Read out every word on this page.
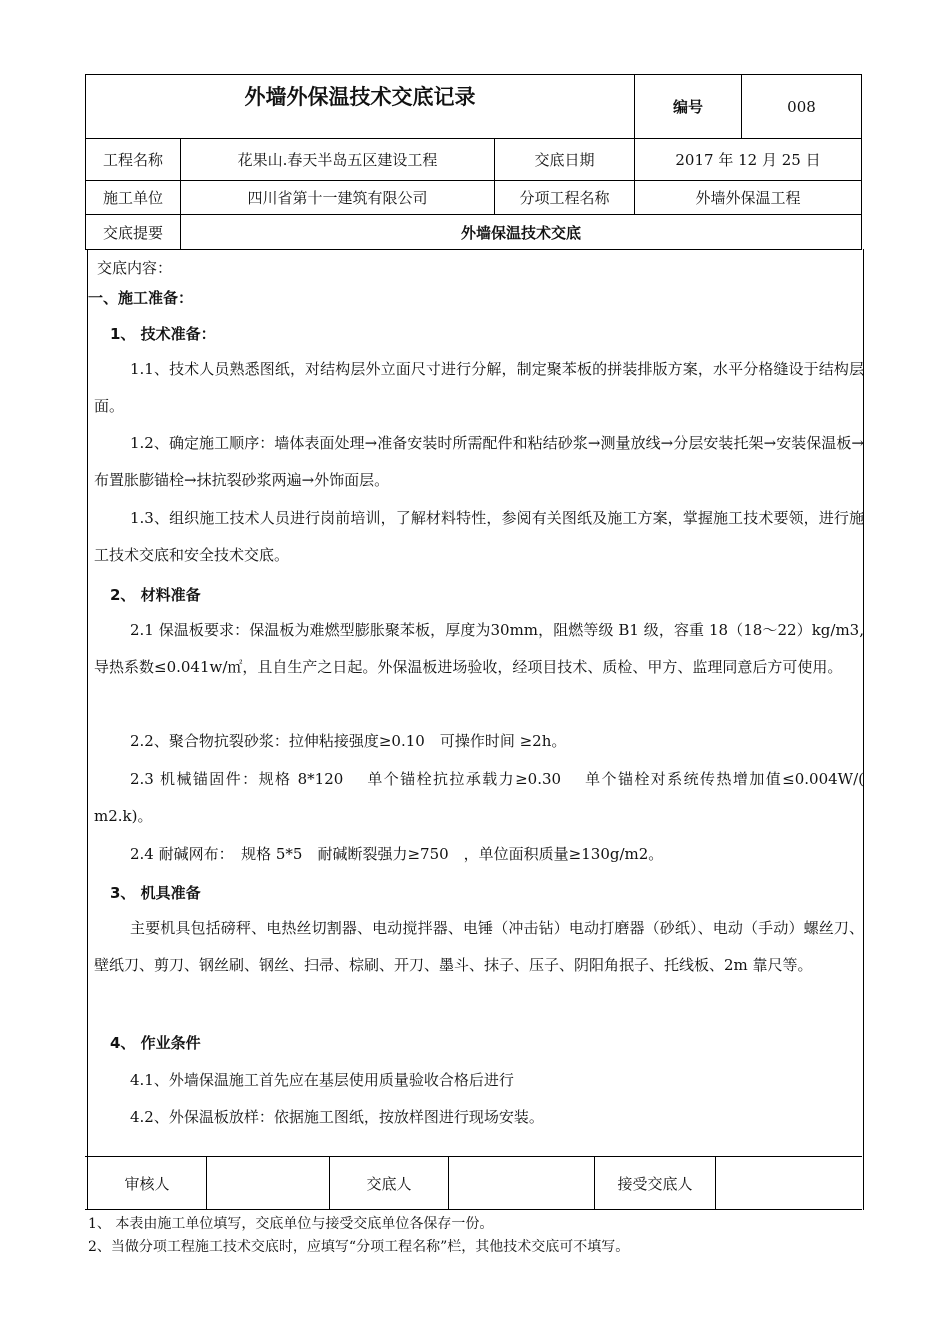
外墙外保温技术交底记录	编号	008
工程名称	花果山.春天半岛五区建设工程	交底日期	2017 年 12 月 25 日
施工单位	四川省第十一建筑有限公司	分项工程名称	外墙外保温工程
交底提要	外墙保温技术交底
交底内容：
一、施工准备：
1、 技术准备：
1.1、技术人员熟悉图纸，对结构层外立面尺寸进行分解，制定聚苯板的拼装排版方案，水平分格缝设于结构层面。
1.2、确定施工顺序：墙体表面处理→准备安装时所需配件和粘结砂浆→测量放线→分层安装托架→安装保温板→布置胀膨锚栓→抹抗裂砂浆两遍→外饰面层。
1.3、组织施工技术人员进行岗前培训，了解材料特性，参阅有关图纸及施工方案，掌握施工技术要领，进行施工技术交底和安全技术交底。
2、 材料准备
2.1 保温板要求：保温板为难燃型膨胀聚苯板，厚度为30mm，阻燃等级 B1 级，容重 18（18～22）kg/m3,导热系数≤0.041w/㎡，且自生产之日起。外保温板进场验收，经项目技术、质检、甲方、监理同意后方可使用。
2.2、聚合物抗裂砂浆：拉伸粘接强度≥0.10　可操作时间 ≥2h。
2.3 机械锚固件：规格 8*120　 单个锚栓抗拉承载力≥0.30　 单个锚栓对系统传热增加值≤0.004W/( m2.k)。
2.4 耐碱网布：　规格 5*5　耐碱断裂强力≥750　，单位面积质量≥130g/m2。
3、 机具准备
主要机具包括磅秤、电热丝切割器、电动搅拌器、电锤（冲击钻）电动打磨器（砂纸）、电动（手动）螺丝刀、壁纸刀、剪刀、钢丝刷、钢丝、扫帚、棕刷、开刀、墨斗、抹子、压子、阴阳角抿子、托线板、2m 靠尺等。
4、 作业条件
4.1、外墙保温施工首先应在基层使用质量验收合格后进行
4.2、外保温板放样：依据施工图纸，按放样图进行现场安装。
审核人	交底人	接受交底人
1、 本表由施工单位填写，交底单位与接受交底单位各保存一份。
2、当做分项工程施工技术交底时，应填写“分项工程名称”栏，其他技术交底可不填写。
